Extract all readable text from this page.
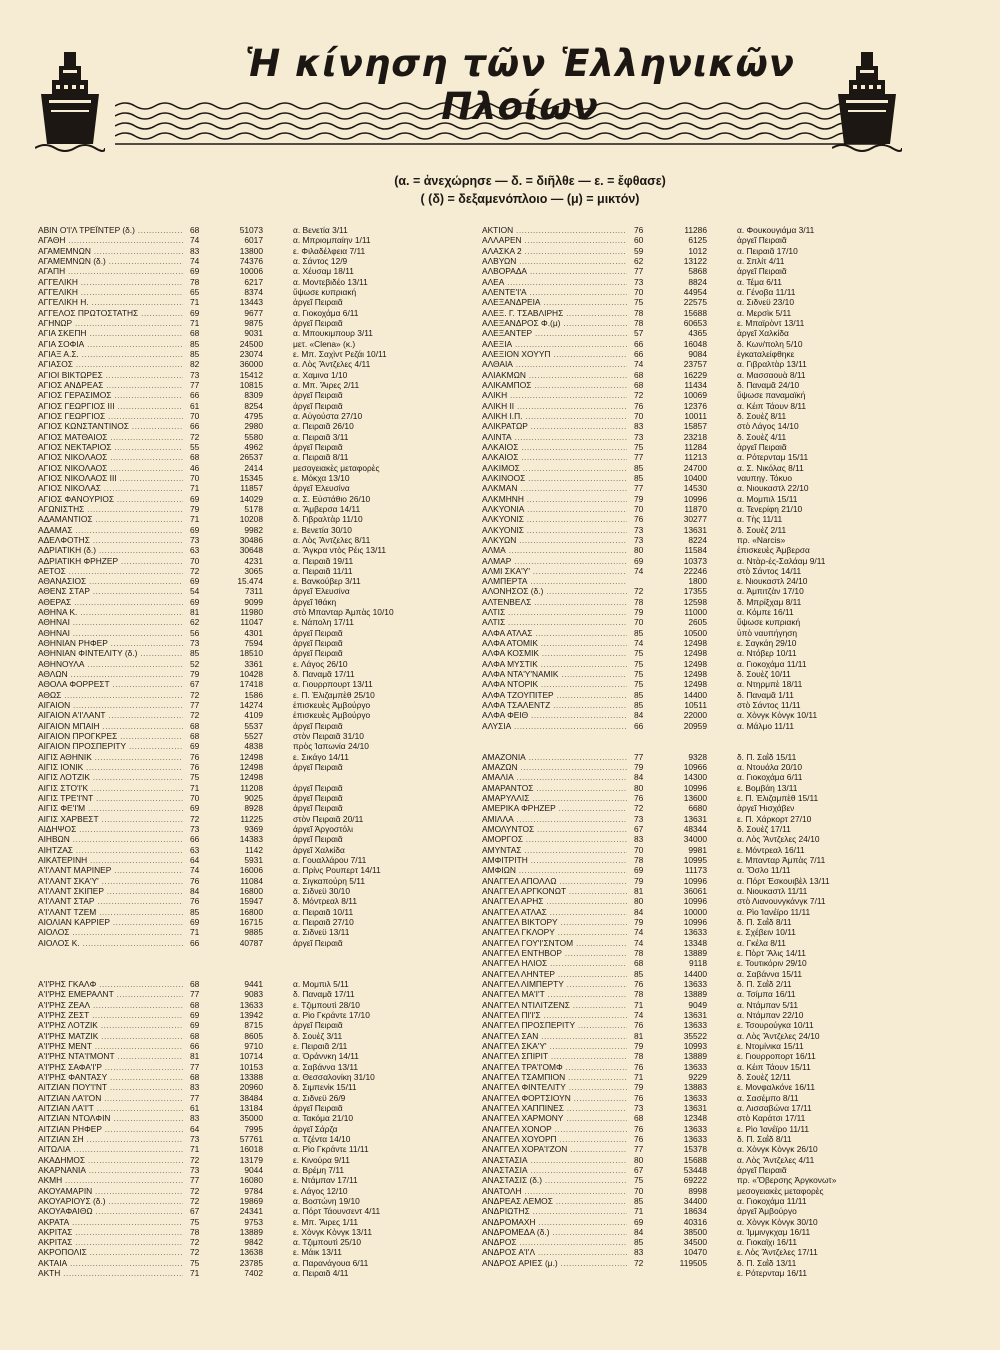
Ἡ κίνηση τῶν Ἑλληνικῶν Πλοίων
(α. = ἀνεχώρησε — δ. = διῆλθε — ε. = ἔφθασε)
( (δ) = δεξαμενόπλοιο — (μ) = μικτόν)
ΑΒΙΝ Ο'Ι'Λ ΤΡΕΪΝΤΕΡ (δ.) .....	68	51073	α. Βενετία 3/11
ΑΓΑΘΗ .....	74	6017	α. Μπριομπαίην 1/11
ΑΓΑΜΕΜΝΩΝ .....	83	13800	ε. Φιλαδέλφεια 7/11
ΑΓΑΜΕΜΝΩΝ (δ.) .....	74	74376	α. Σάντος 12/9
ΑΓΑΠΗ .....	69	10006	α. Χέυσαμ 18/11
ΑΓΓΕΛΙΚΗ .....	78	6217	α. Μοντεβιδέο 13/11
ΑΓΓΕΛΙΚΗ .....	65	8374	ὕψωσε κυπριακή
ΑΓΓΕΛΙΚΗ Η. .....	71	13443	ἀργεῖ Πειραιᾶ
ΑΓΓΕΛΟΣ ΠΡΩΤΟΣΤΑΤΗΣ .....	69	9677	α. Γιοκοχάμα 6/11
ΑΓΗΝΩΡ .....	71	9875	ἀργεῖ Πειραιᾶ
ΑΓΙΑ ΣΚΕΠΗ .....	68	9031	α. Μπουκιμπουρ 3/11
ΑΓΙΑ ΣΟΦΙΑ .....	85	24500	μετ. «Clena» (κ.)
ΑΓΙΑΞ Α.Σ. .....	85	23074	ε. Μπ. Σαχὶντ Ρεζάι 10/11
ΑΓΙΑΣΟΣ .....	82	36000	α. Λὸς Ἄντζελες 4/11
ΑΓΙΟΙ ΒΙΚΤΩΡΕΣ .....	73	15412	α. Χαμινα 1/10
ΑΓΙΟΣ ΑΝΔΡΕΑΣ .....	77	10815	α. Μπ. Ἄιρες 2/11
ΑΓΙΟΣ ΓΕΡΑΣΙΜΟΣ .....	66	8309	ἀργεῖ Πειραιᾶ
ΑΓΙΟΣ ΓΕΩΡΓΙΟΣ III .....	61	8254	ἀργεῖ Πειραιᾶ
ΑΓΙΟΣ ΓΕΩΡΓΙΟΣ .....	70	4795	α. Αὐγούστα 27/10
ΑΓΙΟΣ ΚΩΝΣΤΑΝΤΙΝΟΣ .....	66	2980	α. Πειραιᾶ 26/10
ΑΓΙΟΣ ΜΑΤΘΑΙΟΣ .....	72	5580	α. Πειραιᾶ 3/11
ΑΓΙΟΣ ΝΕΚΤΑΡΙΟΣ .....	55	4962	ἀργεῖ Πειραιᾶ
ΑΓΙΟΣ ΝΙΚΟΛΑΟΣ .....	68	26537	α. Πειραιᾶ 8/11
ΑΓΙΟΣ ΝΙΚΟΛΑΟΣ .....	46	2414	μεσογειακὲς μεταφορὲς
ΑΓΙΟΣ ΝΙΚΟΛΑΟΣ III .....	70	15345	ε. Μόκχα 13/10
ΑΓΙΟΣ ΝΙΚΟΛΑΣ .....	71	11857	ἀργεῖ Ἐλευσίνα
ΑΓΙΟΣ ΦΑΝΟΥΡΙΟΣ .....	69	14029	α. Σ. Εὐστάθιο 26/10
ΑΓΩΝΙΣΤΗΣ .....	79	5178	α. Ἄμβερσα 14/11
ΑΔΑΜΑΝΤΙΟΣ .....	71	10208	δ. Γιβραλτὰρ 11/10
ΑΔΑΜΑΣ .....	69	9982	ε. Βενετία 30/10
ΑΔΕΛΦΟΤΗΣ .....	73	30486	α. Λὸς Ἄντζελες 8/11
ΑΔΡΙΑΤΙΚΗ (δ.) .....	63	30648	α. Ἄγκρα ντὸς Ρέις 13/11
ΑΔΡΙΑΤΙΚΗ ΦΡΗΖΕΡ .....	70	4231	α. Πειραιᾶ 19/11
ΑΕΤΟΣ .....	72	3065	α. Πειραιᾶ 11/11
ΑΘΑΝΑΣΙΟΣ .....	69	15.474	ε. Βανκούβερ 3/11
ΑΘΕΝΣ ΣΤΑΡ .....	54	7311	ἀργεῖ Ἐλευσίνα
ΑΘΕΡΑΣ .....	69	9099	ἀργεῖ Ἰθάκη
ΑΘΗΝΑ Κ. .....	81	11980	στὸ Μπανταρ Ἀμπὰς 10/10
ΑΘΗΝΑΙ .....	62	11047	ε. Νάπολη 17/11
ΑΘΗΝΑΙ .....	56	4301	ἀργεῖ Πειραιᾶ
ΑΘΗΝΙΑΝ ΡΗΦΕΡ .....	73	7594	ἀργεῖ Πειραιᾶ
ΑΘΗΝΙΑΝ ΦΙΝΤΕΛΙΤΥ (δ.) .....	85	18510	ἀργεῖ Πειραιᾶ
ΑΘΗΝΟΥΛΑ .....	52	3361	ε. Λάγος 26/10
ΑΘΛΩΝ .....	79	10428	δ. Παναμᾶ 17/11
ΑΘΟΛΑ ΦΟΡΡΕΣΤ .....	67	17418	α. Γιουρρπουρτ 13/11
ΑΘΩΣ .....	72	1586	ε. Π. Ἐλιζαμπὲθ 25/10
ΑΙΓΑΙΟΝ .....	77	14274	ἐπισκευὲς Ἀμβούργο
ΑΙΓΑΙΟΝ Α'Ι'ΛΑΝΤ .....	72	4109	ἐπισκευὲς Ἀμβούργο
ΑΙΓΑΙΟΝ ΜΠΑΙΗ .....	68	5537	ἀργεῖ Πειραιᾶ
ΑΙΓΑΙΟΝ ΠΡΟΓΚΡΕΣ .....	68	5527	στὸν Πειραιᾶ 31/10
ΑΙΓΑΙΟΝ ΠΡΟΣΠΕΡΙΤΥ .....	69	4838	πρὸς Ἰαπωνία 24/10
ΑΙΓΙΣ ΑΘΗΝΙΚ .....	76	12498	ε. Σικάγο 14/11
ΑΙΓΙΣ ΙΟΝΙΚ .....	76	12498	ἀργεῖ Πειραιᾶ
ΑΙΓΙΣ ΛΟΤΖΙΚ .....	75	12498
ΑΙΓΙΣ ΣΤΟ'Ι'Κ .....	71	11208	ἀργεῖ Πειραιᾶ
ΑΙΓΙΣ ΤΡΕ'Ι'ΝΤ .....	70	9025	ἀργεῖ Πειραιᾶ
ΑΙΓΙΣ ΦΕ'Ι'Μ .....	69	8928	ἀργεῖ Πειραιᾶ
ΑΙΓΙΣ ΧΑΡΒΕΣΤ .....	72	11225	στὸν Πειραιᾶ 20/11
ΑΙΔΗΨΟΣ .....	73	9369	ἀργεῖ Ἀργοστόλι
ΑΙΗΒΩΝ .....	66	14383	ἀργεῖ Πειραιᾶ
ΑΙΗΤΖΑΣ .....	63	1142	ἀργεῖ Χαλκίδα
ΑΙΚΑΤΕΡΙΝΗ .....	64	5931	α. Γουαλλάρου 7/11
Α'Ι'ΛΑΝΤ ΜΑΡΙΝΕΡ .....	74	16006	α. Πρίνς Ρουπερτ 14/11
Α'Ι'ΛΑΝΤ ΣΚΑ'Υ' .....	76	11084	α. Σιγκαπούρη 5/11
Α'Ι'ΛΑΝΤ ΣΚΙΠΕΡ .....	84	16800	α. Σιδνεϋ 30/10
Α'Ι'ΛΑΝΤ ΣΤΑΡ .....	76	15947	δ. Μόντρεαλ 8/11
Α'Ι'ΛΑΝΤ ΤΖΕΜ .....	85	16800	α. Πειραιᾶ 10/11
ΑΙΟΛΙΑΝ ΚΑΡΡΙΕΡ .....	69	16715	α. Πειραιᾶ 27/10
ΑΙΟΛΟΣ .....	71	9885	α. Σιδνεϋ 13/11
ΑΙΟΛΟΣ Κ. .....	66	40787	ἀργεῖ Πειραιᾶ
Α'Ι'ΡΗΣ ΓΚΑΛΦ .....	68	9441	α. Μομπιλ 5/11
Α'Ι'ΡΗΣ ΕΜΕΡΑΛΝΤ .....	77	9083	δ. Παναμᾶ 17/11
Α'Ι'ΡΗΣ ΖΕΑΛ .....	68	13633	ε. Τζιμπουτὶ 28/10
Α'Ι'ΡΗΣ ΖΕΣΤ .....	69	13942	α. Ρὶο Γκράντε 17/10
Α'Ι'ΡΗΣ ΛΟΤΖΙΚ .....	69	8715	ἀργεῖ Πειραιᾶ
Α'Ι'ΡΗΣ ΜΑΤΖΙΚ .....	68	8605	δ. Σουὲζ 3/11
Α'Ι'ΡΗΣ ΜΕΝΤ .....	66	9710	ε. Πειραιᾶ 2/11
Α'Ι'ΡΗΣ ΝΤΑ'Ι'ΜΟΝΤ .....	81	10714	α. Ὀράννκη 14/11
Α'Ι'ΡΗΣ ΣΑΦΑ'Ι'Ρ .....	77	10153	α. Σαβάννα 13/11
Α'Ι'ΡΗΣ ΦΑΝΤΑΣΥ .....	68	13388	α. Θεσσαλονίκη 31/10
ΑΙΤΖΙΑΝ ΠΟΥ'Ι'ΝΤ .....	83	20960	δ. Σιμπενὶκ 15/11
ΑΙΤΖΙΑΝ ΛΑ'Ι'ΟΝ .....	77	38484	α. Σιδνεϋ 26/9
ΑΙΤΖΙΑΝ ΛΑ'Ι'Τ .....	61	13184	ἀργεῖ Πειραιᾶ
ΑΙΤΖΙΑΝ ΝΤΟΛΦΙΝ .....	83	35000	α. Τακόμα 21/10
ΑΙΤΖΙΑΝ ΡΗΦΕΡ .....	64	7995	ἀργεῖ Σάρζα
ΑΙΤΖΙΑΝ ΣΗ .....	73	57761	α. Τζέντα 14/10
ΑΙΤΩΛΙΑ .....	71	16018	α. Ρὶο Γκράντε 11/11
ΑΚΑΔΗΜΟΣ .....	72	13179	ε. Κινούρα 9/11
ΑΚΑΡΝΑΝΙΑ .....	73	9044	α. Βρέμη 7/11
ΑΚΜΗ .....	77	16080	ε. Ντάμπαν 17/11
ΑΚΟΥΑΜΑΡΙΝ .....	72	9784	ε. Λάγος 12/10
ΑΚΟΥΑΡΙΟΥΣ (δ.) .....	72	19869	α. Βοστώνη 19/10
ΑΚΟΥΑΦΑΙΘΩ .....	67	24341	α. Πόρτ Τάουνσεντ 4/11
ΑΚΡΑΤΑ .....	75	9753	ε. Μπ. Ἄιρες 1/11
ΑΚΡΙΤΑΣ .....	78	13889	ε. Χὸνγκ Κὸνγκ 13/11
ΑΚΡΙΤΑΣ .....	72	9842	α. Τζιμπουτὶ 25/10
ΑΚΡΟΠΟΛΙΣ .....	72	13638	ε. Μάικ 13/11
ΑΚΤΑΙΑ .....	75	23785	α. Παρανάγουα 6/11
ΑΚΤΗ .....	71	7402	α. Πειραιᾶ 4/11
ΑΚΤΙΟΝ .....	76	11286	α. Φουκουγιάμα 3/11
ΑΛΛΑΡΕΝ .....	60	6125	ἀργεῖ Πειραιᾶ
ΑΛΑΣΚΑ 2 .....	59	1012	α. Πειραιᾶ 17/10
ΑΛΒΥΩΝ .....	62	13122	α. Σπλίτ 4/11
ΑΛΒΟΡΑΔΑ .....	77	5868	ἀργεῖ Πειραιᾶ
ΑΛΕΑ .....	73	8824	α. Τέμα 6/11
ΑΛΕΝΤΕ'Ι'Α .....	70	44954	α. Γένοβα 11/11
ΑΛΕΞΑΝΔΡΕΙΑ .....	75	22575	α. Σιδνεϋ 23/10
ΑΛΕΞ. Γ. ΤΣΑΒΛΙΡΗΣ .....	78	15688	α. Μερσὶκ 5/11
ΑΛΕΞΑΝΔΡΟΣ Φ.(μ) .....	78	60653	ε. Μπαϊρὸντ 13/11
ΑΛΕΞΑΝΤΕΡ .....	57	4365	ἀργεῖ Χαλκίδα
ΑΛΕΞΙΑ .....	66	16048	δ. Κων/πολη 5/10
ΑΛΕΞΙΟΝ ΧΟΥΥΠ .....	66	9084	ἐγκαταλείφθηκε
ΑΛΘΑΙΑ .....	74	23757	α. Γιβραλτὰρ 13/11
ΑΛΙΑΚΜΩΝ .....	68	16229	α. Μασσαουὰ 8/11
ΑΛΙΚΑΜΠΟΣ .....	68	11434	δ. Παναμᾶ 24/10
ΑΛΙΚΗ .....	72	10069	ὕψωσε παναμαϊκή
ΑΛΙΚΗ ΙΙ .....	76	12376	α. Κέιπ Τάουν 8/11
ΑΛΙΚΗ Ι.Π. .....	70	10011	δ. Σουὲζ 8/11
ΑΛΙΚΡΑΤΩΡ .....	83	15857	στὸ Λάγος 14/10
ΑΛΙΝΤΑ .....	73	23218	δ. Σουὲζ 4/11
ΑΛΚΑΙΟΣ .....	75	11284	ἀργεῖ Πειραιᾶ
ΑΛΚΑΙΟΣ .....	77	11213	α. Ρότερνταμ 15/11
ΑΛΚΙΜΟΣ .....	85	24700	α. Σ. Νικόλας 8/11
ΑΛΚΙΝΟΟΣ .....	85	10400	ναυπηγ. Τόκυο
ΑΛΚΜΑΝ .....	77	14530	α. Νιουκαστλ 22/10
ΑΛΚΜΗΝΗ .....	79	10996	α. Μομπιλ 15/11
ΑΛΚΥΟΝΙΑ .....	70	11870	α. Τενερίφη 21/10
ΑΛΚΥΟΝΙΣ .....	76	30277	α. Τὴς 11/11
ΑΛΚΥΟΝΙΣ .....	73	13631	δ. Σουὲζ 2/11
ΑΛΚΥΩΝ .....	73	8224	πρ. «Narcis»
ΑΛΜΑ .....	80	11584	ἐπισκευὲς Ἀμβερσα
ΑΛΜΑΡ .....	69	10373	α. Ντὰρ-ἐς-Σαλάαμ 9/11
ΑΛΜΙ ΣΚΑ'Υ' .....	74	22246	στὸ Σάντος 14/11
ΑΛΜΠΕΡΤΑ .....	1800	ε. Νιουκαστλ 24/10
ΑΛΟΝΗΣΟΣ (δ.) .....	72	17355	α. Ἀμπιτζὰν 17/10
ΑΛΤΕΝΒΕΛΣ .....	78	12598	δ. Μπρίξχαμ 8/11
ΑΛΤΙΣ .....	79	11000	α. Κόμπε 16/11
ΑΛΤΙΣ .....	70	2605	ὕψωσε κυπριακή
ΑΛΦΑ ΑΤΛΑΣ .....	85	10500	ὑπὸ ναυπήγηση
ΑΛΦΑ ΑΤΟΜΙΚ .....	74	12498	ε. Σαγκάη 29/10
ΑΛΦΑ ΚΟΣΜΙΚ .....	75	12498	α. Ντόβερ 10/11
ΑΛΦΑ ΜΥΣΤΙΚ .....	75	12498	α. Γιοκοχάμα 11/11
ΑΛΦΑ ΝΤΑ'Υ'ΝΑΜΙΚ .....	75	12498	δ. Σουὲζ 10/11
ΑΛΦΑ ΝΤΟΡΙΚ .....	75	12498	α. Ντηρμπὲ 18/11
ΑΛΦΑ ΤΖΟΥΠΙΤΕΡ .....	85	14400	δ. Παναμᾶ 1/11
ΑΛΦΑ ΤΣΑΛΕΝΤΖ .....	85	10511	στὸ Σάντος 11/11
ΑΛΦΑ ΦΕΙΘ .....	84	22000	α. Χὸνγκ Κὸνγκ 10/11
ΑΛΥΣΙΑ .....	66	20959	α. Μάλμο 11/11
ΑΜΑΖΟΝΙΑ .....	77	9328	δ. Π. Σαῒδ 15/11
ΑΜΑΖΩΝ .....	79	10966	α. Ντουάλα 20/10
ΑΜΑΛΙΑ .....	84	14300	α. Γιοκοχάμα 6/11
ΑΜΑΡΑΝΤΟΣ .....	80	10996	ε. Βομβάη 13/11
ΑΜΑΡΥΛΛΙΣ .....	76	13600	ε. Π. Ἐλιζαμπὲθ 15/11
ΑΜΕΡΙΚΑ ΦΡΗΖΕΡ .....	72	6680	ἀργεῖ Ἠισχάβεν
ΑΜΙΛΛΑ .....	73	13631	ε. Π. Χάρκορτ 27/10
ΑΜΟΛΥΝΤΟΣ .....	67	48344	δ. Σουὲζ 17/11
ΑΜΟΡΓΟΣ .....	83	34000	α. Λὸς Ἄντζελες 24/10
ΑΜΥΝΤΑΣ .....	70	9981	ε. Μόντρεαλ 16/11
ΑΜΦΙΤΡΙΤΗ .....	78	10995	ε. Μπανταρ Ἀμπὰς 7/11
ΑΜΦΙΩΝ .....	69	11173	α. Ὄσλο 11/11
ΑΝΑΓΓΕΛ ΑΠΟΛΛΩ .....	79	10996	α. Πόρτ Ἐσκουιβὲλ 13/11
ΑΝΑΓΓΕΛ ΑΡΓΚΟΝΩΤ .....	81	36061	α. Νιουκαστλ 11/11
ΑΝΑΓΓΕΛ ΑΡΗΣ .....	80	10996	στὸ Λιανουνγκάνγκ 7/11
ΑΝΑΓΓΕΛ ΑΤΛΑΣ .....	84	10000	α. Ρὶο Ἰανέϊρο 11/11
ΑΝΑΓΓΕΛ ΒΙΚΤΟΡΥ .....	79	10996	δ. Π. Σαῒδ 8/11
ΑΝΑΓΓΕΛ ΓΚΛΟΡΥ .....	74	13633	ε. Σχέβειν 10/11
ΑΝΑΓΓΕΛ ΓΟΥ'Ι'ΣΝΤΟΜ .....	74	13348	α. Γκέλα 8/11
ΑΝΑΓΓΕΛ ΕΝΤΗΒΟΡ .....	78	13889	ε. Πὸρτ Ἄλις 14/11
ΑΝΑΓΓΕΛ ΗΛΙΟΣ .....	68	9118	ε. Τουτικόριν 29/10
ΑΝΑΓΓΕΛ ΛΗΝΤΕΡ .....	85	14400	α. Σαβάννα 15/11
ΑΝΑΓΓΕΛ ΛΙΜΠΕΡΤΥ .....	76	13633	δ. Π. Σαῒδ 2/11
ΑΝΑΓΓΕΛ ΜΑ'Ι'Τ .....	78	13889	α. Τσίμπα 16/11
ΑΝΑΓΓΕΛ ΝΤΙΛΙΤΖΕΝΣ .....	71	9049	α. Ντάμπαν 5/11
ΑΝΑΓΓΕΛ ΠΙ'Ι'Σ .....	74	13631	α. Ντάμπαν 22/10
ΑΝΑΓΓΕΛ ΠΡΟΣΠΕΡΙΤΥ .....	76	13633	ε. Τσουρούγκα 10/11
ΑΝΑΓΓΕΛ ΣΑΝ .....	81	35522	α. Λὸς Ἄντζελες 24/10
ΑΝΑΓΓΕΛ ΣΚΑ'Υ' .....	79	10993	ε. Ντομίνικα 15/11
ΑΝΑΓΓΕΛ ΣΠΙΡΙΤ .....	78	13889	ε. Γιουρροπορτ 16/11
ΑΝΑΓΓΕΛ ΤΡΑ'Ι'ΟΜΦ .....	76	13633	α. Κέιπ Τάουν 15/11
ΑΝΑΓΓΕΛ ΤΣΑΜΠΙΟΝ .....	71	9229	δ. Σουὲζ 12/11
ΑΝΑΓΓΕΛ ΦΙΝΤΕΛΙΤΥ .....	79	13883	ε. Μονφαλκόνε 16/11
ΑΝΑΓΓΕΛ ΦΟΡΤΣΙΟΥΝ .....	76	13633	α. Σασέμπο 8/11
ΑΝΑΓΓΕΛ ΧΑΠΠΙΝΕΣ .....	73	13631	α. Λισσαβώνα 17/11
ΑΝΑΓΓΕΛ ΧΑΡΜΟΝΥ .....	68	12348	στὸ Καράτσι 17/11
ΑΝΑΓΓΕΛ ΧΟΝΟΡ .....	76	13633	ε. Ρὶο Ἰανέϊρο 11/11
ΑΝΑΓΓΕΛ ΧΟΥΟΡΠ .....	76	13633	δ. Π. Σαῒδ 8/11
ΑΝΑΓΓΕΛ ΧΟΡΑ'Ι'ΖΟΝ .....	77	15378	α. Χὸνγκ Κὸνγκ 26/10
ΑΝΑΣΤΑΣΙΑ .....	80	15688	α. Λὸς Ἄντζελες 4/11
ΑΝΑΣΤΑΣΙΑ .....	67	53448	ἀργεῖ Πειραιᾶ
ΑΝΑΣΤΑΣΙΣ (δ.) .....	75	69222	πρ. «Ὄβερσης Ἀργκονωτ»
ΑΝΑΤΟΛΗ .....	70	8998	μεσογειακὲς μεταφορὲς
ΑΝΔΡΕΑΣ ΛΕΜΟΣ .....	85	34400	α. Γιοκοχάμα 11/11
ΑΝΔΡΙΩΤΗΣ .....	71	18634	ἀργεῖ Ἀμβούργο
ΑΝΔΡΟΜΑΧΗ .....	69	40316	α. Χὸνγκ Κὸνγκ 30/10
ΑΝΔΡΟΜΕΔΑ (δ.) .....	84	38500	α. Ἰμμινγκχαμ 16/11
ΑΝΔΡΟΣ .....	85	34500	α. Γιοκαϊχι 16/11
ΑΝΔΡΟΣ Α'Ι'Λ .....	83	10470	ε. Λὸς Ἄντζελες 17/11
ΑΝΔΡΟΣ ΑΡΙΕΣ (μ.) .....	72	119505	δ. Π. Σαῒδ 13/11
ε. Ρότερνταμ 16/11
